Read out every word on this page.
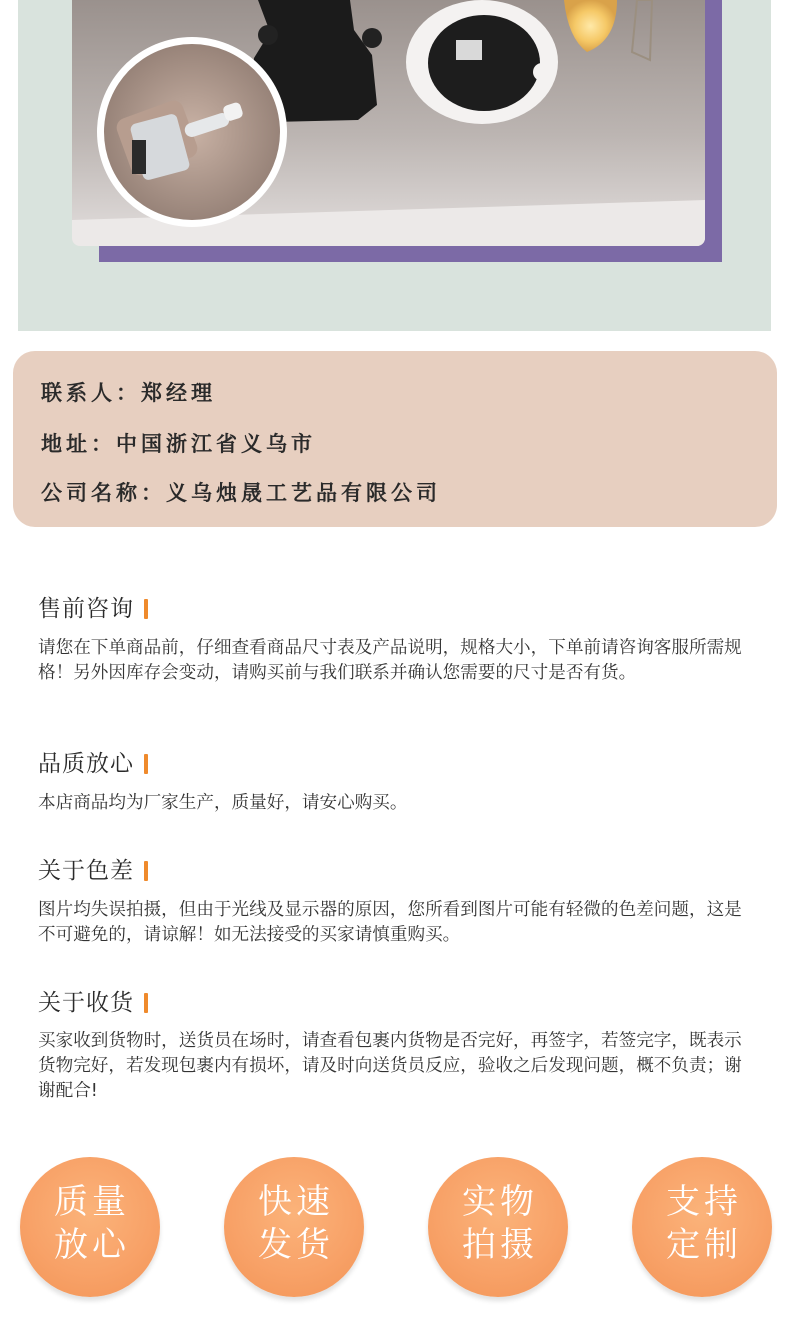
联系人：郑经理
地址：中国浙江省义乌市
公司名称：义乌烛晟工艺品有限公司
售前咨询
请您在下单商品前，仔细查看商品尺寸表及产品说明，规格大小，下单前请咨询客服所需规格！另外因库存会变动，请购买前与我们联系并确认您需要的尺寸是否有货。
品质放心
本店商品均为厂家生产，质量好，请安心购买。
关于色差
图片均失误拍摄，但由于光线及显示器的原因，您所看到图片可能有轻微的色差问题，这是不可避免的，请谅解！如无法接受的买家请慎重购买。
关于收货
买家收到货物时，送货员在场时，请查看包裹内货物是否完好，再签字，若签完字，既表示货物完好，若发现包裹内有损坏，请及时向送货员反应，验收之后发现问题，概不负责；谢谢配合!
质量
放心
快速
发货
实物
拍摄
支持
定制
